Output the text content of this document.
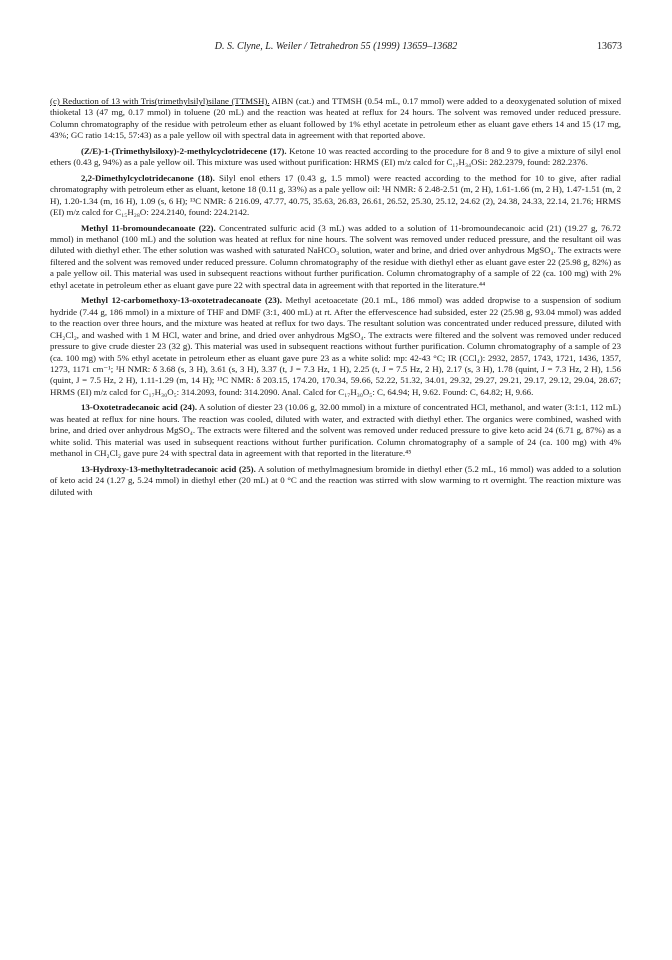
D. S. Clyne, L. Weiler / Tetrahedron 55 (1999) 13659–13682	13673

(c) Reduction of 13 with Tris(trimethylsilyl)silane (TTMSH). AIBN (cat.) and TTMSH (0.54 mL, 0.17 mmol) were added to a deoxygenated solution of mixed thioketal 13 (47 mg, 0.17 mmol) in toluene (20 mL) and the reaction was heated at reflux for 24 hours. The solvent was removed under reduced pressure. Column chromatography of the residue with petroleum ether as eluant followed by 1% ethyl acetate in petroleum ether as eluant gave ethers 14 and 15 (17 mg, 43%; GC ratio 14:15, 57:43) as a pale yellow oil with spectral data in agreement with that reported above.

(Z/E)-1-(Trimethylsiloxy)-2-methylcyclotridecene (17). Ketone 10 was reacted according to the procedure for 8 and 9 to give a mixture of silyl enol ethers (0.43 g, 94%) as a pale yellow oil. This mixture was used without purification: HRMS (EI) m/z calcd for C₁₇H₃₄OSi: 282.2379, found: 282.2376.

2,2-Dimethylcyclotridecanone (18). Silyl enol ethers 17 (0.43 g, 1.5 mmol) were reacted according to the method for 10 to give, after radial chromatography with petroleum ether as eluant, ketone 18 (0.11 g, 33%) as a pale yellow oil: ¹H NMR: δ 2.48-2.51 (m, 2 H), 1.61-1.66 (m, 2 H), 1.47-1.51 (m, 2 H), 1.20-1.34 (m, 16 H), 1.09 (s, 6 H); ¹³C NMR: δ 216.09, 47.77, 40.75, 35.63, 26.83, 26.61, 26.52, 25.30, 25.12, 24.62 (2), 24.38, 24.33, 22.14, 21.76; HRMS (EI) m/z calcd for C₁₅H₂₈O: 224.2140, found: 224.2142.

Methyl 11-bromoundecanoate (22). Concentrated sulfuric acid (3 mL) was added to a solution of 11-bromoundecanoic acid (21) (19.27 g, 76.72 mmol) in methanol (100 mL) and the solution was heated at reflux for nine hours. The solvent was removed under reduced pressure, and the resultant oil was diluted with diethyl ether. The ether solution was washed with saturated NaHCO₃ solution, water and brine, and dried over anhydrous MgSO₄. The extracts were filtered and the solvent was removed under reduced pressure. Column chromatography of the residue with diethyl ether as eluant gave ester 22 (25.98 g, 82%) as a pale yellow oil. This material was used in subsequent reactions without further purification. Column chromatography of a sample of 22 (ca. 100 mg) with 2% ethyl acetate in petroleum ether as eluant gave pure 22 with spectral data in agreement with that reported in the literature.⁴⁴

Methyl 12-carbomethoxy-13-oxotetradecanoate (23). Methyl acetoacetate (20.1 mL, 186 mmol) was added dropwise to a suspension of sodium hydride (7.44 g, 186 mmol) in a mixture of THF and DMF (3:1, 400 mL) at rt. After the effervescence had subsided, ester 22 (25.98 g, 93.04 mmol) was added to the reaction over three hours, and the mixture was heated at reflux for two days. The resultant solution was concentrated under reduced pressure, diluted with CH₂Cl₂, and washed with 1 M HCl, water and brine, and dried over anhydrous MgSO₄. The extracts were filtered and the solvent was removed under reduced pressure to give crude diester 23 (32 g). This material was used in subsequent reactions without further purification. Column chromatography of a sample of 23 (ca. 100 mg) with 5% ethyl acetate in petroleum ether as eluant gave pure 23 as a white solid: mp: 42-43 °C; IR (CCl₄): 2932, 2857, 1743, 1721, 1436, 1357, 1273, 1171 cm⁻¹; ¹H NMR: δ 3.68 (s, 3 H), 3.61 (s, 3 H), 3.37 (t, J = 7.3 Hz, 1 H), 2.25 (t, J = 7.5 Hz, 2 H), 2.17 (s, 3 H), 1.78 (quint, J = 7.3 Hz, 2 H), 1.56 (quint, J = 7.5 Hz, 2 H), 1.11-1.29 (m, 14 H); ¹³C NMR: δ 203.15, 174.20, 170.34, 59.66, 52.22, 51.32, 34.01, 29.32, 29.27, 29.21, 29.17, 29.12, 29.04, 28.67; HRMS (EI) m/z calcd for C₁₇H₃₀O₅: 314.2093, found: 314.2090. Anal. Calcd for C₁₇H₃₀O₅: C, 64.94; H, 9.62. Found: C, 64.82; H, 9.66.

13-Oxotetradecanoic acid (24). A solution of diester 23 (10.06 g, 32.00 mmol) in a mixture of concentrated HCl, methanol, and water (3:1:1, 112 mL) was heated at reflux for nine hours. The reaction was cooled, diluted with water, and extracted with diethyl ether. The organics were combined, washed with brine, and dried over anhydrous MgSO₄. The extracts were filtered and the solvent was removed under reduced pressure to give keto acid 24 (6.71 g, 87%) as a white solid. This material was used in subsequent reactions without further purification. Column chromatography of a sample of 24 (ca. 100 mg) with 4% methanol in CH₂Cl₂ gave pure 24 with spectral data in agreement with that reported in the literature.⁴⁵

13-Hydroxy-13-methyltetradecanoic acid (25). A solution of methylmagnesium bromide in diethyl ether (5.2 mL, 16 mmol) was added to a solution of keto acid 24 (1.27 g, 5.24 mmol) in diethyl ether (20 mL) at 0 °C and the reaction was stirred with slow warming to rt overnight. The reaction mixture was diluted with
